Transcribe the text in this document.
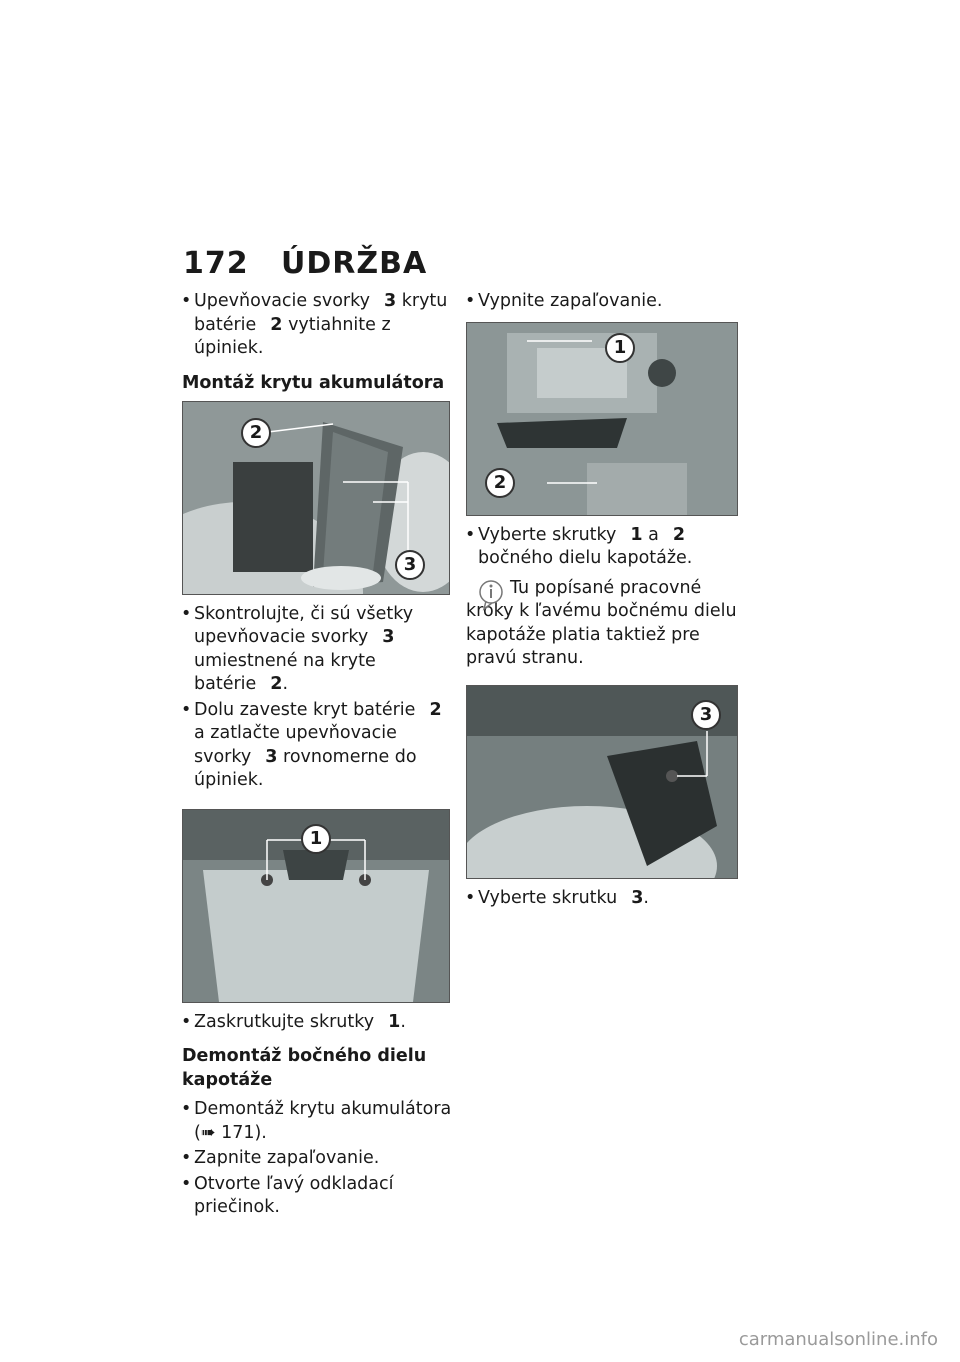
172 ÚDRŽBA
• Upevňovacie svorky 3 krytu batérie 2 vytiahnite z úpiniek.
Montáž krytu akumulátora
2
3
• Skontrolujte, či sú všetky upevňovacie svorky 3 umiestnené na kryte batérie 2.
• Dolu zaveste kryt batérie 2 a zatlačte upevňovacie svorky 3 rovnomerne do úpiniek.
1
• Zaskrutkujte skrutky 1.
Demontáž bočného dielu kapotáže
• Demontáž krytu akumulátora
(➠ 171).
• Zapnite zapaľovanie.
• Otvorte ľavý odkladací priečinok.
• Vypnite zapaľovanie.
1
2
• Vyberte skrutky 1 a 2 bočného dielu kapotáže.
Tu popísané pracovné kroky k ľavému bočnému dielu kapotáže platia taktiež pre pravú stranu.
3
• Vyberte skrutku 3.
carmanualsonline.info
